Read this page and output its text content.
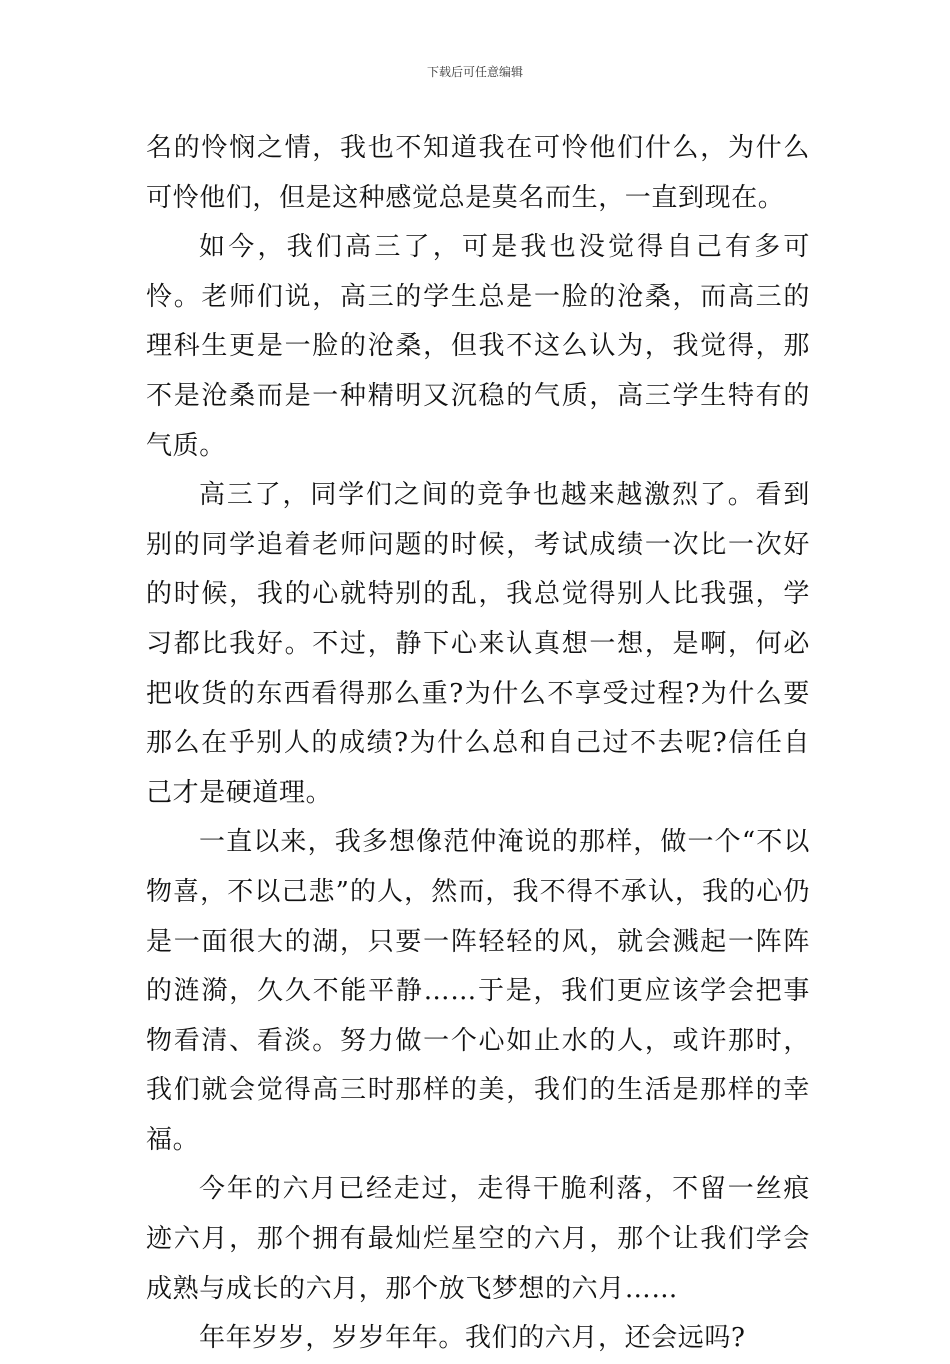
下载后可任意编辑

名的怜悯之情，我也不知道我在可怜他们什么，为什么可怜他们，但是这种感觉总是莫名而生，一直到现在。

如今，我们高三了，可是我也没觉得自己有多可怜。老师们说，高三的学生总是一脸的沧桑，而高三的理科生更是一脸的沧桑，但我不这么认为，我觉得，那不是沧桑而是一种精明又沉稳的气质，高三学生特有的气质。

高三了，同学们之间的竞争也越来越激烈了。看到别的同学追着老师问题的时候，考试成绩一次比一次好的时候，我的心就特别的乱，我总觉得别人比我强，学习都比我好。不过，静下心来认真想一想，是啊，何必把收货的东西看得那么重?为什么不享受过程?为什么要那么在乎别人的成绩?为什么总和自己过不去呢?信任自己才是硬道理。

一直以来，我多想像范仲淹说的那样，做一个“不以物喜，不以己悲”的人，然而，我不得不承认，我的心仍是一面很大的湖，只要一阵轻轻的风，就会溅起一阵阵的涟漪，久久不能平静……于是，我们更应该学会把事物看清、看淡。努力做一个心如止水的人，或许那时，我们就会觉得高三时那样的美，我们的生活是那样的幸福。

今年的六月已经走过，走得干脆利落，不留一丝痕迹六月，那个拥有最灿烂星空的六月，那个让我们学会成熟与成长的六月，那个放飞梦想的六月……

年年岁岁，岁岁年年。我们的六月，还会远吗?
